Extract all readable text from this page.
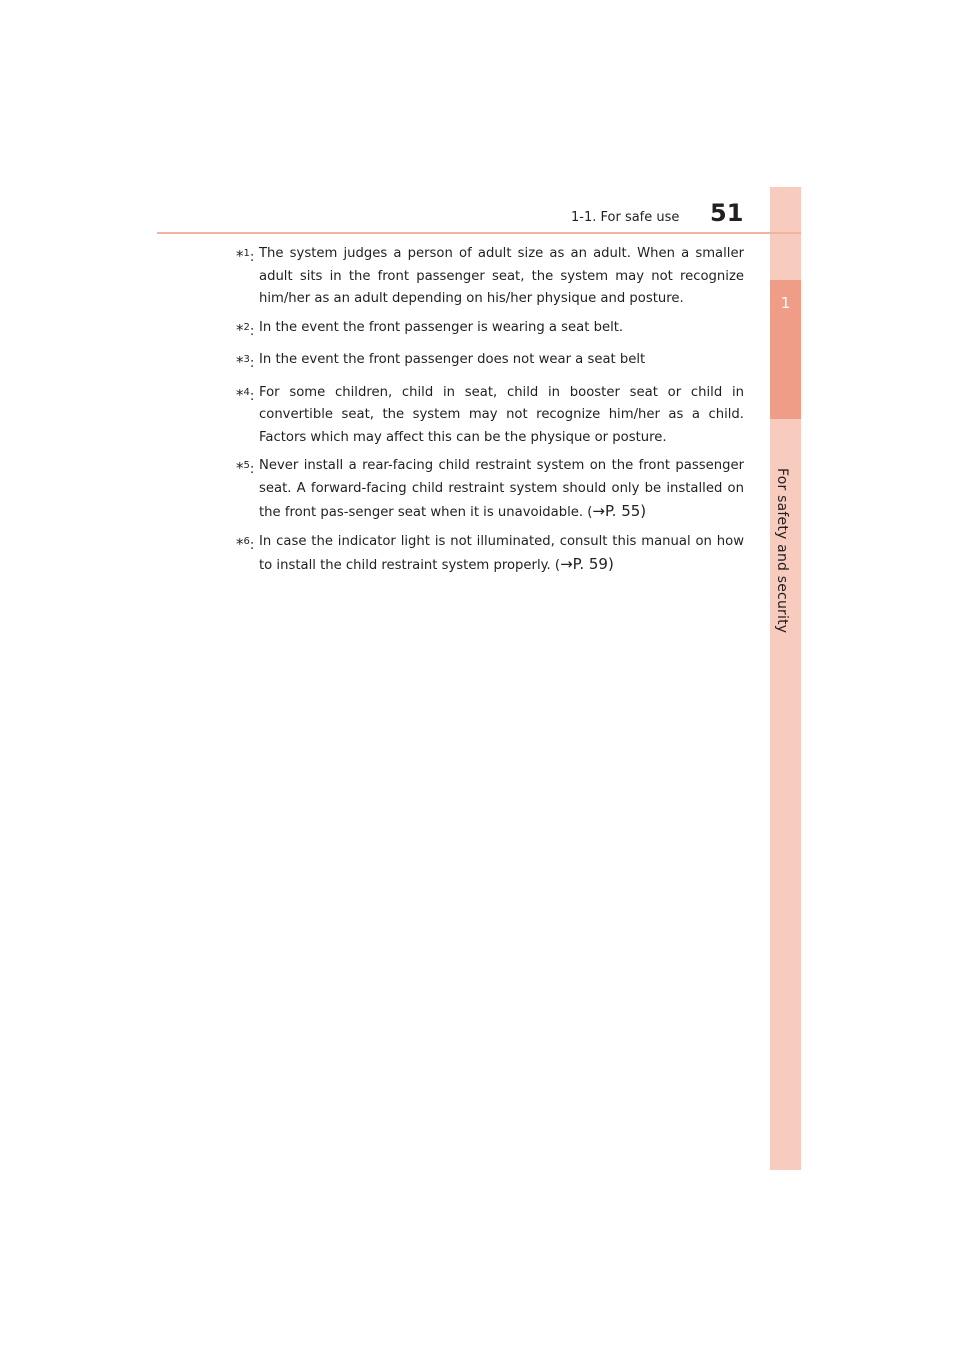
1
For safety and security
1-1. For safe use 51
*$^1$: The system judges a person of adult size as an adult. When a smaller adult sits in the front passenger seat, the system may not recognize him/her as an adult depending on his/her physique and posture.
*$^2$: In the event the front passenger is wearing a seat belt.
*$^3$: In the event the front passenger does not wear a seat belt
*$^4$: For some children, child in seat, child in booster seat or child in convertible seat, the system may not recognize him/her as a child. Factors which may affect this can be the physique or posture.
*$^5$: Never install a rear-facing child restraint system on the front passenger seat. A forward-facing child restraint system should only be installed on the front pas-senger seat when it is unavoidable. (→P. 55)
*$^6$: In case the indicator light is not illuminated, consult this manual on how to install the child restraint system properly. (→P. 59)
